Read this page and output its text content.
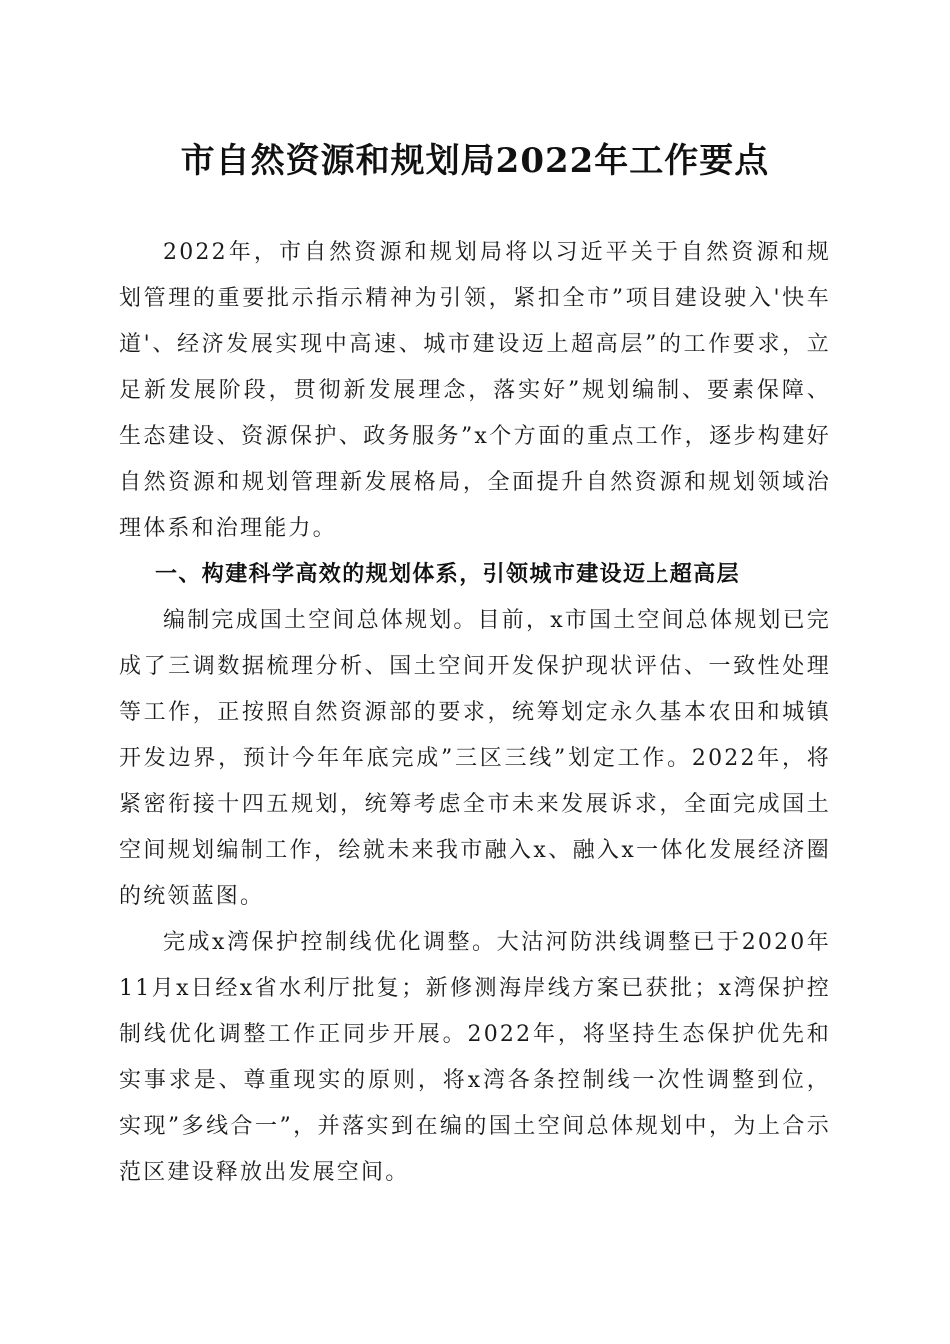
市自然资源和规划局2022年工作要点

2022年，市自然资源和规划局将以习近平关于自然资源和规划管理的重要批示指示精神为引领，紧扣全市”项目建设驶入'快车道'、经济发展实现中高速、城市建设迈上超高层”的工作要求，立足新发展阶段，贯彻新发展理念，落实好”规划编制、要素保障、生态建设、资源保护、政务服务”x个方面的重点工作，逐步构建好自然资源和规划管理新发展格局，全面提升自然资源和规划领域治理体系和治理能力。

一、构建科学高效的规划体系，引领城市建设迈上超高层

编制完成国土空间总体规划。目前，x市国土空间总体规划已完成了三调数据梳理分析、国土空间开发保护现状评估、一致性处理等工作，正按照自然资源部的要求，统筹划定永久基本农田和城镇开发边界，预计今年年底完成”三区三线”划定工作。2022年，将紧密衔接十四五规划，统筹考虑全市未来发展诉求，全面完成国土空间规划编制工作，绘就未来我市融入x、融入x一体化发展经济圈的统领蓝图。

完成x湾保护控制线优化调整。大沽河防洪线调整已于2020年11月x日经x省水利厅批复；新修测海岸线方案已获批；x湾保护控制线优化调整工作正同步开展。2022年，将坚持生态保护优先和实事求是、尊重现实的原则，将x湾各条控制线一次性调整到位，实现”多线合一”，并落实到在编的国土空间总体规划中，为上合示范区建设释放出发展空间。
